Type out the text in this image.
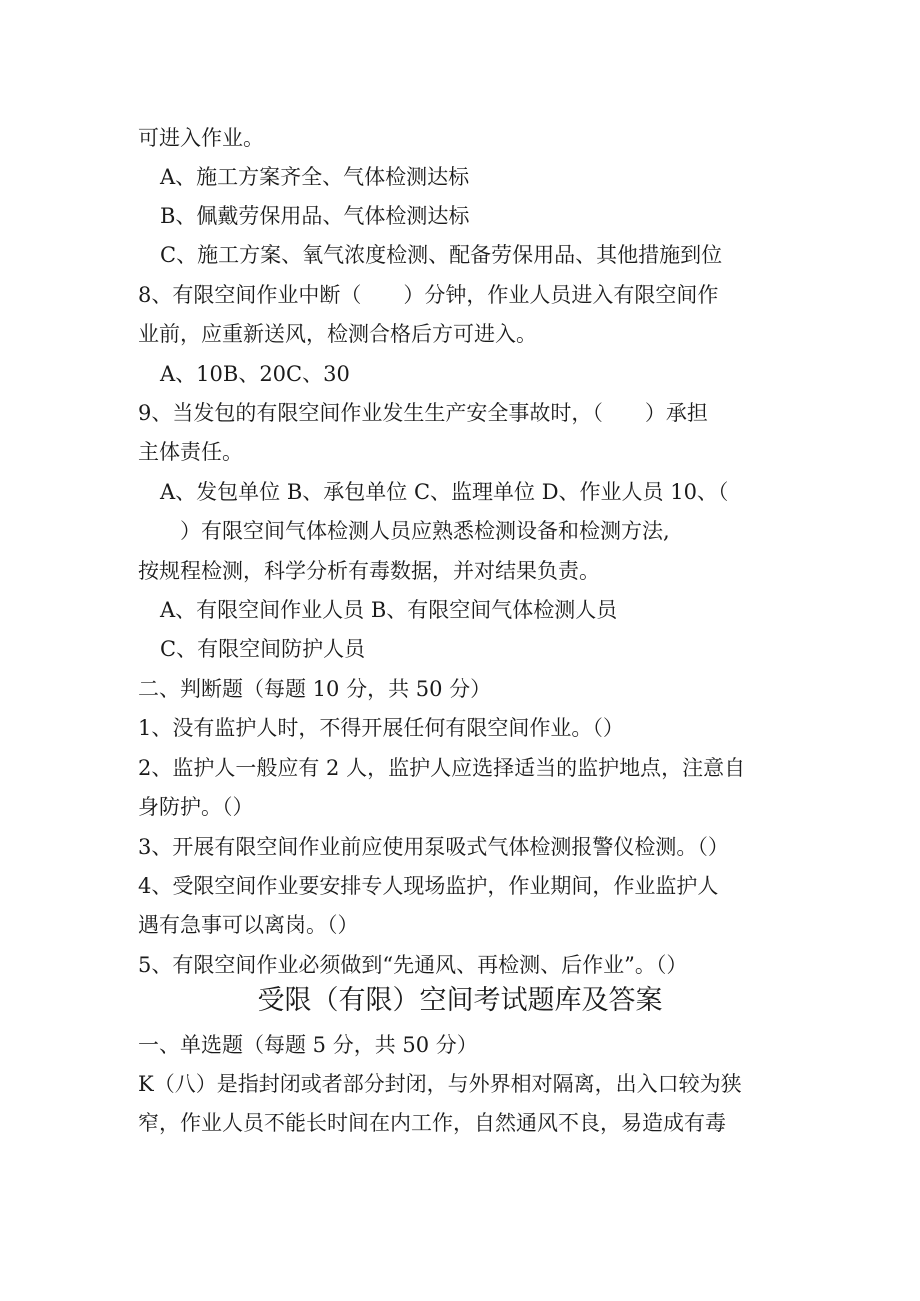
可进入作业。
A、施工方案齐全、气体检测达标
B、佩戴劳保用品、气体检测达标
C、施工方案、氧气浓度检测、配备劳保用品、其他措施到位
8、有限空间作业中断（　　）分钟，作业人员进入有限空间作
业前，应重新送风，检测合格后方可进入。
A、10B、20C、30
9、当发包的有限空间作业发生生产安全事故时，（　　）承担
主体责任。
A、发包单位 B、承包单位 C、监理单位 D、作业人员 10、（
　　）有限空间气体检测人员应熟悉检测设备和检测方法,
按规程检测，科学分析有毒数据，并对结果负责。
A、有限空间作业人员 B、有限空间气体检测人员
C、有限空间防护人员
二、判断题（每题 10 分，共 50 分）
1、没有监护人时，不得开展任何有限空间作业。（）
2、监护人一般应有 2 人，监护人应选择适当的监护地点，注意自
身防护。（）
3、开展有限空间作业前应使用泵吸式气体检测报警仪检测。（）
4、受限空间作业要安排专人现场监护，作业期间，作业监护人
遇有急事可以离岗。（）
5、有限空间作业必须做到“先通风、再检测、后作业”。（）
受限（有限）空间考试题库及答案
一、单选题（每题 5 分，共 50 分）
K（八）是指封闭或者部分封闭，与外界相对隔离，出入口较为狭
窄，作业人员不能长时间在内工作，自然通风不良，易造成有毒
